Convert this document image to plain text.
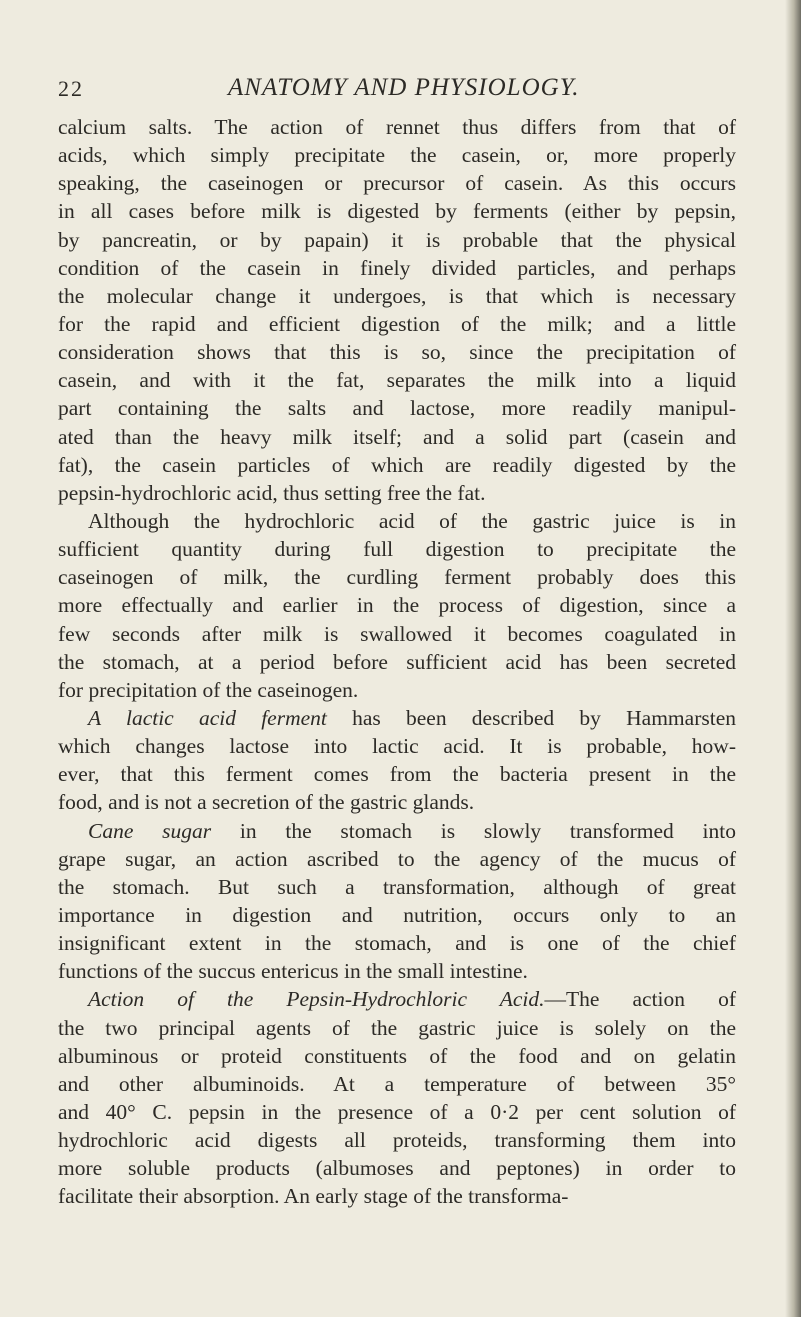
22	ANATOMY AND PHYSIOLOGY.
calcium salts. The action of rennet thus differs from that of
acids, which simply precipitate the casein, or, more properly
speaking, the caseinogen or precursor of casein. As this occurs
in all cases before milk is digested by ferments (either by pepsin,
by pancreatin, or by papain) it is probable that the physical
condition of the casein in finely divided particles, and perhaps
the molecular change it undergoes, is that which is necessary
for the rapid and efficient digestion of the milk; and a little
consideration shows that this is so, since the precipitation of
casein, and with it the fat, separates the milk into a liquid
part containing the salts and lactose, more readily manipul-
ated than the heavy milk itself; and a solid part (casein and
fat), the casein particles of which are readily digested by the
pepsin-hydrochloric acid, thus setting free the fat.
Although the hydrochloric acid of the gastric juice is in
sufficient quantity during full digestion to precipitate the
caseinogen of milk, the curdling ferment probably does this
more effectually and earlier in the process of digestion, since a
few seconds after milk is swallowed it becomes coagulated in
the stomach, at a period before sufficient acid has been secreted
for precipitation of the caseinogen.
A lactic acid ferment has been described by Hammarsten
which changes lactose into lactic acid. It is probable, how-
ever, that this ferment comes from the bacteria present in the
food, and is not a secretion of the gastric glands.
Cane sugar in the stomach is slowly transformed into
grape sugar, an action ascribed to the agency of the mucus of
the stomach. But such a transformation, although of great
importance in digestion and nutrition, occurs only to an
insignificant extent in the stomach, and is one of the chief
functions of the succus entericus in the small intestine.
Action of the Pepsin-Hydrochloric Acid.—The action of
the two principal agents of the gastric juice is solely on the
albuminous or proteid constituents of the food and on gelatin
and other albuminoids. At a temperature of between 35°
and 40° C. pepsin in the presence of a 0·2 per cent solution of
hydrochloric acid digests all proteids, transforming them into
more soluble products (albumoses and peptones) in order to
facilitate their absorption. An early stage of the transforma-
